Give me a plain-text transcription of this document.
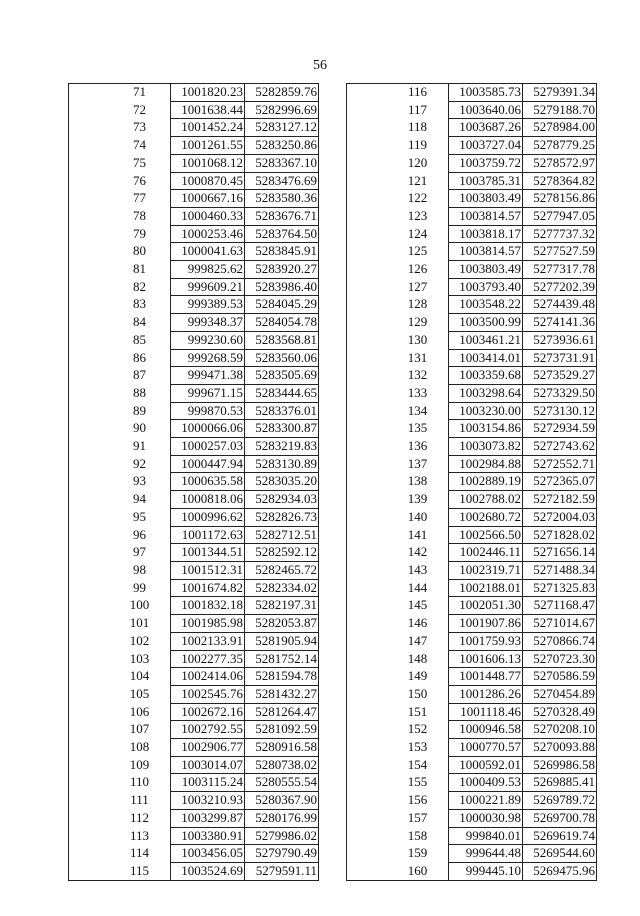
56
	71	1001820.23	5282859.76
	72	1001638.44	5282996.69
	73	1001452.24	5283127.12
	74	1001261.55	5283250.86
	75	1001068.12	5283367.10
	76	1000870.45	5283476.69
	77	1000667.16	5283580.36
	78	1000460.33	5283676.71
	79	1000253.46	5283764.50
	80	1000041.63	5283845.91
	81	999825.62	5283920.27
	82	999609.21	5283986.40
	83	999389.53	5284045.29
	84	999348.37	5284054.78
	85	999230.60	5283568.81
	86	999268.59	5283560.06
	87	999471.38	5283505.69
	88	999671.15	5283444.65
	89	999870.53	5283376.01
	90	1000066.06	5283300.87
	91	1000257.03	5283219.83
	92	1000447.94	5283130.89
	93	1000635.58	5283035.20
	94	1000818.06	5282934.03
	95	1000996.62	5282826.73
	96	1001172.63	5282712.51
	97	1001344.51	5282592.12
	98	1001512.31	5282465.72
	99	1001674.82	5282334.02
	100	1001832.18	5282197.31
	101	1001985.98	5282053.87
	102	1002133.91	5281905.94
	103	1002277.35	5281752.14
	104	1002414.06	5281594.78
	105	1002545.76	5281432.27
	106	1002672.16	5281264.47
	107	1002792.55	5281092.59
	108	1002906.77	5280916.58
	109	1003014.07	5280738.02
	110	1003115.24	5280555.54
	111	1003210.93	5280367.90
	112	1003299.87	5280176.99
	113	1003380.91	5279986.02
	114	1003456.05	5279790.49
	115	1003524.69	5279591.11
	116	1003585.73	5279391.34
	117	1003640.06	5279188.70
	118	1003687.26	5278984.00
	119	1003727.04	5278779.25
	120	1003759.72	5278572.97
	121	1003785.31	5278364.82
	122	1003803.49	5278156.86
	123	1003814.57	5277947.05
	124	1003818.17	5277737.32
	125	1003814.57	5277527.59
	126	1003803.49	5277317.78
	127	1003793.40	5277202.39
	128	1003548.22	5274439.48
	129	1003500.99	5274141.36
	130	1003461.21	5273936.61
	131	1003414.01	5273731.91
	132	1003359.68	5273529.27
	133	1003298.64	5273329.50
	134	1003230.00	5273130.12
	135	1003154.86	5272934.59
	136	1003073.82	5272743.62
	137	1002984.88	5272552.71
	138	1002889.19	5272365.07
	139	1002788.02	5272182.59
	140	1002680.72	5272004.03
	141	1002566.50	5271828.02
	142	1002446.11	5271656.14
	143	1002319.71	5271488.34
	144	1002188.01	5271325.83
	145	1002051.30	5271168.47
	146	1001907.86	5271014.67
	147	1001759.93	5270866.74
	148	1001606.13	5270723.30
	149	1001448.77	5270586.59
	150	1001286.26	5270454.89
	151	1001118.46	5270328.49
	152	1000946.58	5270208.10
	153	1000770.57	5270093.88
	154	1000592.01	5269986.58
	155	1000409.53	5269885.41
	156	1000221.89	5269789.72
	157	1000030.98	5269700.78
	158	999840.01	5269619.74
	159	999644.48	5269544.60
	160	999445.10	5269475.96
